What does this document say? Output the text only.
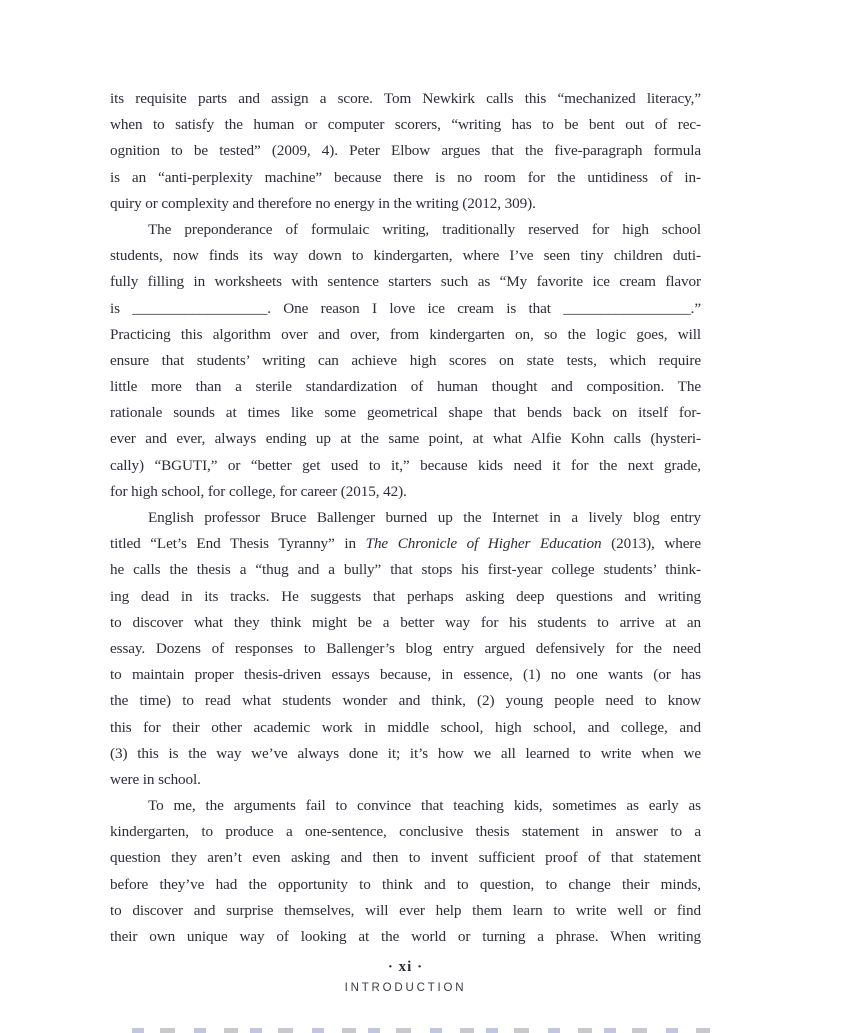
its requisite parts and assign a score. Tom Newkirk calls this “mechanized literacy,”
when to satisfy the human or computer scorers, “writing has to be bent out of rec-
ognition to be tested” (2009, 4). Peter Elbow argues that the five-paragraph formula
is an “anti-perplexity machine” because there is no room for the untidiness of in-
quiry or complexity and therefore no energy in the writing (2012, 309).
The preponderance of formulaic writing, traditionally reserved for high school
students, now finds its way down to kindergarten, where I’ve seen tiny children duti-
fully filling in worksheets with sentence starters such as “My favorite ice cream flavor
is __________________. One reason I love ice cream is that _________________.”
Practicing this algorithm over and over, from kindergarten on, so the logic goes, will
ensure that students’ writing can achieve high scores on state tests, which require
little more than a sterile standardization of human thought and composition. The
rationale sounds at times like some geometrical shape that bends back on itself for-
ever and ever, always ending up at the same point, at what Alfie Kohn calls (hysteri-
cally) “BGUTI,” or “better get used to it,” because kids need it for the next grade,
for high school, for college, for career (2015, 42).
English professor Bruce Ballenger burned up the Internet in a lively blog entry
titled “Let’s End Thesis Tyranny” in The Chronicle of Higher Education (2013), where
he calls the thesis a “thug and a bully” that stops his first-year college students’ think-
ing dead in its tracks. He suggests that perhaps asking deep questions and writing
to discover what they think might be a better way for his students to arrive at an
essay. Dozens of responses to Ballenger’s blog entry argued defensively for the need
to maintain proper thesis-driven essays because, in essence, (1) no one wants (or has
the time) to read what students wonder and think, (2) young people need to know
this for their other academic work in middle school, high school, and college, and
(3) this is the way we’ve always done it; it’s how we all learned to write when we
were in school.
To me, the arguments fail to convince that teaching kids, sometimes as early as
kindergarten, to produce a one-sentence, conclusive thesis statement in answer to a
question they aren’t even asking and then to invent sufficient proof of that statement
before they’ve had the opportunity to think and to question, to change their minds,
to discover and surprise themselves, will ever help them learn to write well or find
their own unique way of looking at the world or turning a phrase. When writing
· xi ·
INTRODUCTION
